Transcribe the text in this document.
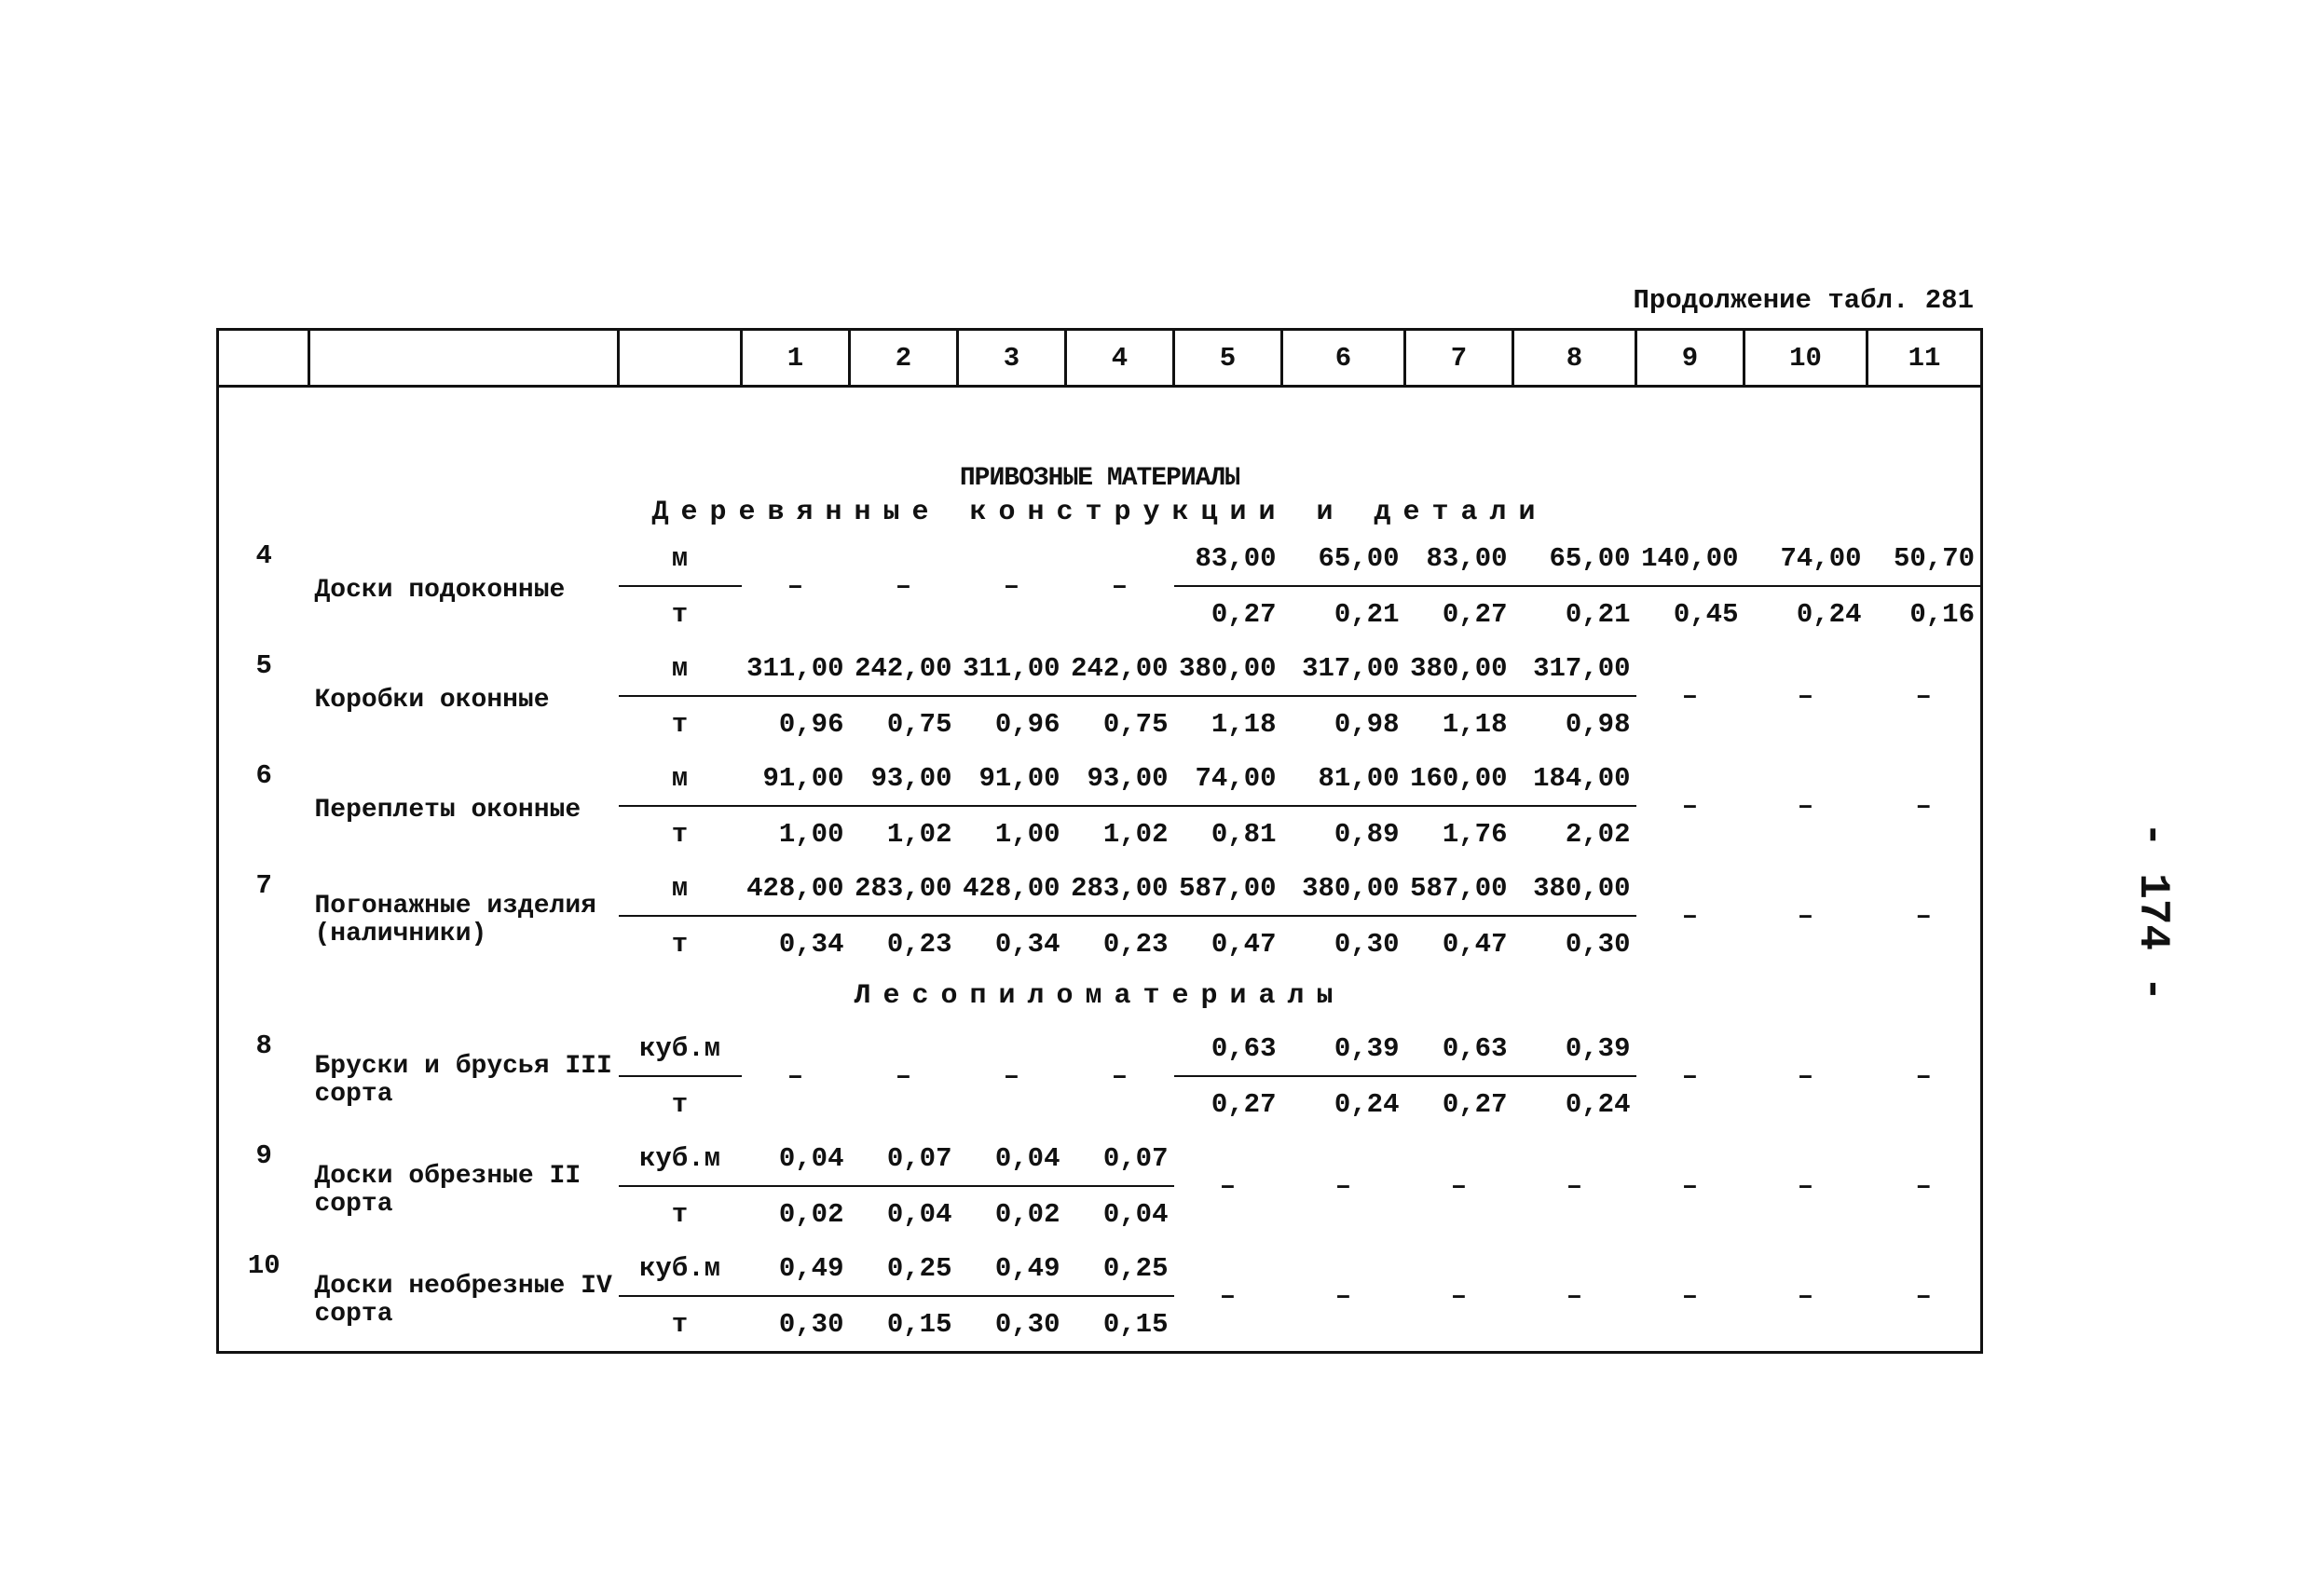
Продолжение табл. 281
- 174 -
			1	2	3	4	5	6	7	8	9	10	11

ПРИВОЗНЫЕ МАТЕРИАЛЫ													
Деревянные конструкции и детали													
4	Доски подоконные	м	–	–	–	–	83,00	65,00	83,00	65,00	140,00	74,00	50,70
		т					0,27	0,21	0,27	0,21	0,45	0,24	0,16
5	Коробки оконные	м	311,00	242,00	311,00	242,00	380,00	317,00	380,00	317,00	–	–	–
		т	0,96	0,75	0,96	0,75	1,18	0,98	1,18	0,98			
6	Переплеты оконные	м	91,00	93,00	91,00	93,00	74,00	81,00	160,00	184,00	–	–	–
		т	1,00	1,02	1,00	1,02	0,81	0,89	1,76	2,02			
7	Погонажные изделия (наличники)	м	428,00	283,00	428,00	283,00	587,00	380,00	587,00	380,00	–	–	–
		т	0,34	0,23	0,34	0,23	0,47	0,30	0,47	0,30			
Лесопиломатериалы													
8	Бруски и брусья III сорта	куб.м	–	–	–	–	0,63	0,39	0,63	0,39	–	–	–
		т					0,27	0,24	0,27	0,24			
9	Доски обрезные II сорта	куб.м	0,04	0,07	0,04	0,07	–	–	–	–	–	–	–
		т	0,02	0,04	0,02	0,04							
10	Доски необрезные IV сорта	куб.м	0,49	0,25	0,49	0,25	–	–	–	–	–	–	–
		т	0,30	0,15	0,30	0,15							
